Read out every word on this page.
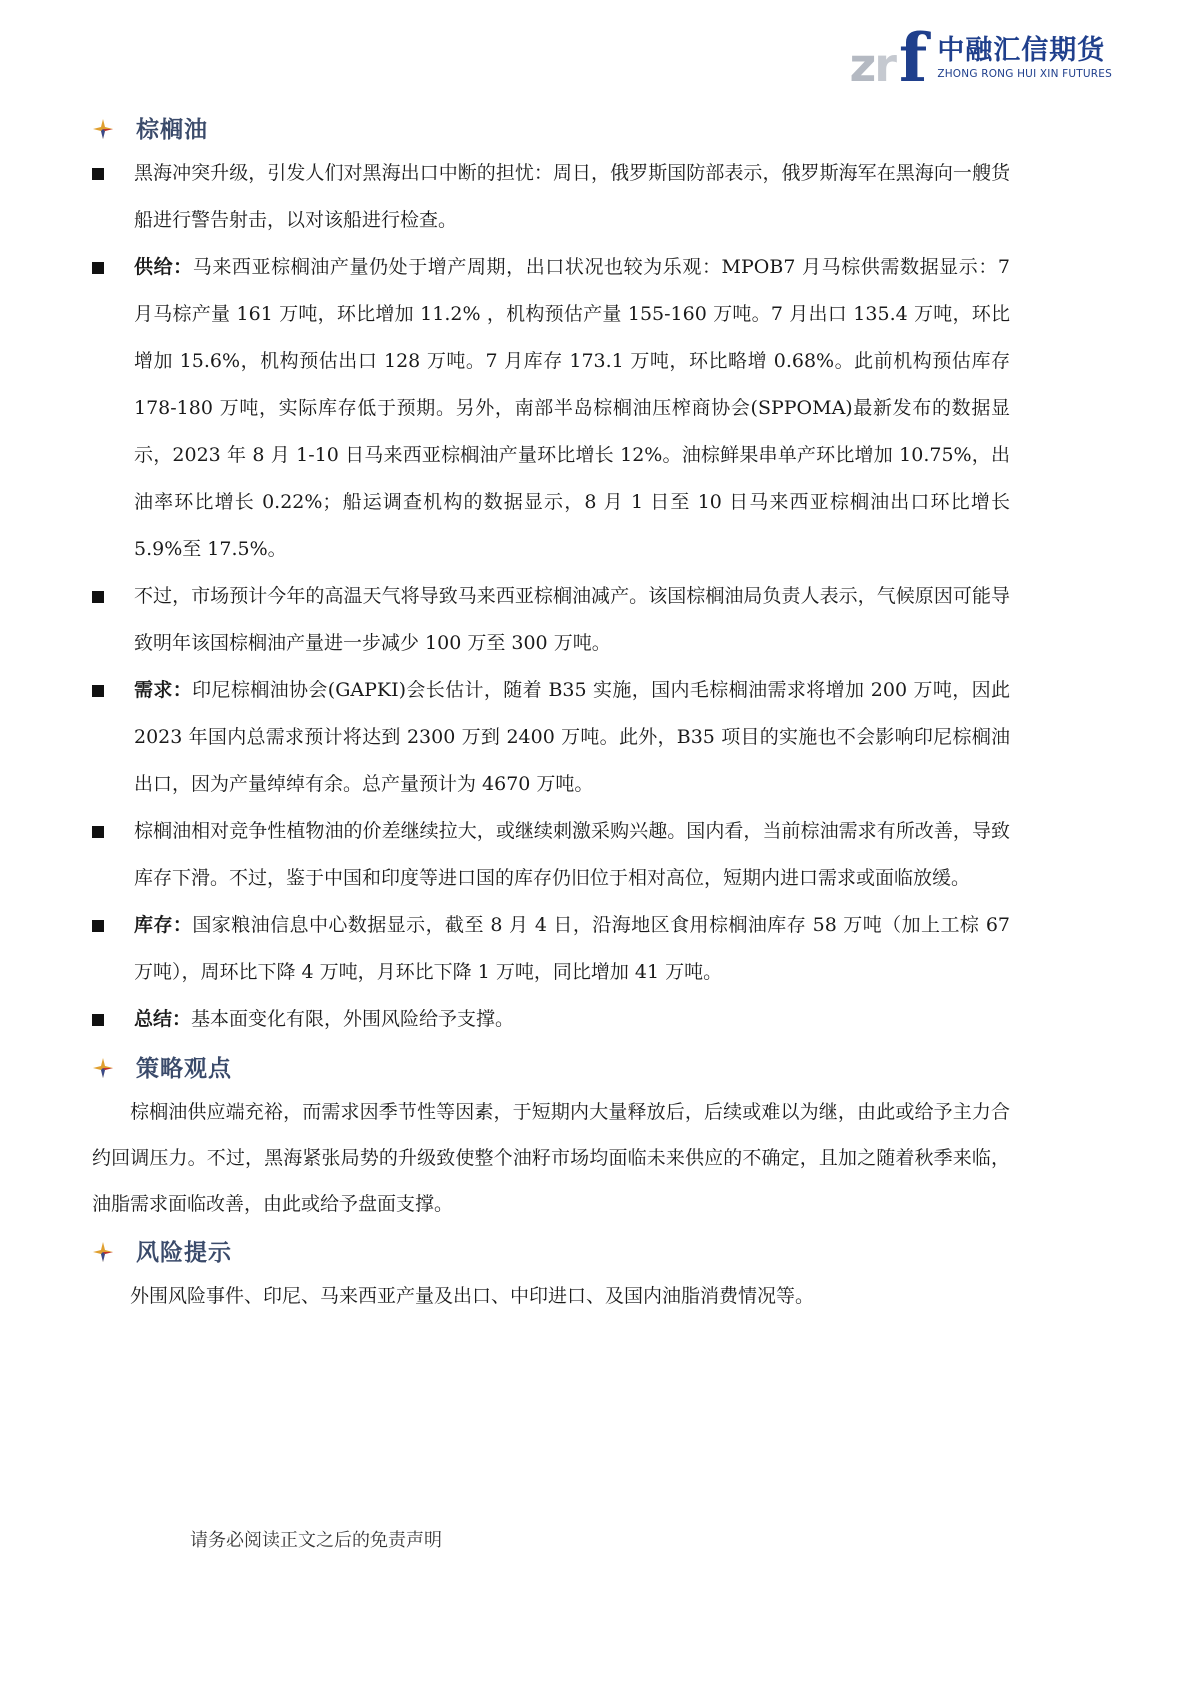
z r f 中融汇信期货
ZHONG RONG HUI XIN FUTURES
棕榈油
黑海冲突升级，引发人们对黑海出口中断的担忧：周日，俄罗斯国防部表示，俄罗斯海军在黑海向一艘货船进行警告射击，以对该船进行检查。
供给：马来西亚棕榈油产量仍处于增产周期，出口状况也较为乐观：MPOB7 月马棕供需数据显示：7 月马棕产量 161 万吨，环比增加 11.2% ，机构预估产量 155-160 万吨。7 月出口 135.4 万吨，环比增加 15.6%，机构预估出口 128 万吨。7 月库存 173.1 万吨，环比略增 0.68%。此前机构预估库存 178-180 万吨，实际库存低于预期。另外，南部半岛棕榈油压榨商协会(SPPOMA)最新发布的数据显示，2023 年 8 月 1-10 日马来西亚棕榈油产量环比增长 12%。油棕鲜果串单产环比增加 10.75%，出油率环比增长 0.22%；船运调查机构的数据显示，8 月 1 日至 10 日马来西亚棕榈油出口环比增长 5.9%至 17.5%。
不过，市场预计今年的高温天气将导致马来西亚棕榈油减产。该国棕榈油局负责人表示，气候原因可能导致明年该国棕榈油产量进一步减少 100 万至 300 万吨。
需求：印尼棕榈油协会(GAPKI)会长估计，随着 B35 实施，国内毛棕榈油需求将增加 200 万吨，因此 2023 年国内总需求预计将达到 2300 万到 2400 万吨。此外，B35 项目的实施也不会影响印尼棕榈油出口，因为产量绰绰有余。总产量预计为 4670 万吨。
棕榈油相对竞争性植物油的价差继续拉大，或继续刺激采购兴趣。国内看，当前棕油需求有所改善，导致库存下滑。不过，鉴于中国和印度等进口国的库存仍旧位于相对高位，短期内进口需求或面临放缓。
库存：国家粮油信息中心数据显示，截至 8 月 4 日，沿海地区食用棕榈油库存 58 万吨（加上工棕 67 万吨），周环比下降 4 万吨，月环比下降 1 万吨，同比增加 41 万吨。
总结：基本面变化有限，外围风险给予支撑。
策略观点
棕榈油供应端充裕，而需求因季节性等因素，于短期内大量释放后，后续或难以为继，由此或给予主力合约回调压力。不过，黑海紧张局势的升级致使整个油籽市场均面临未来供应的不确定，且加之随着秋季来临，油脂需求面临改善，由此或给予盘面支撑。
风险提示
外围风险事件、印尼、马来西亚产量及出口、中印进口、及国内油脂消费情况等。
请务必阅读正文之后的免责声明
